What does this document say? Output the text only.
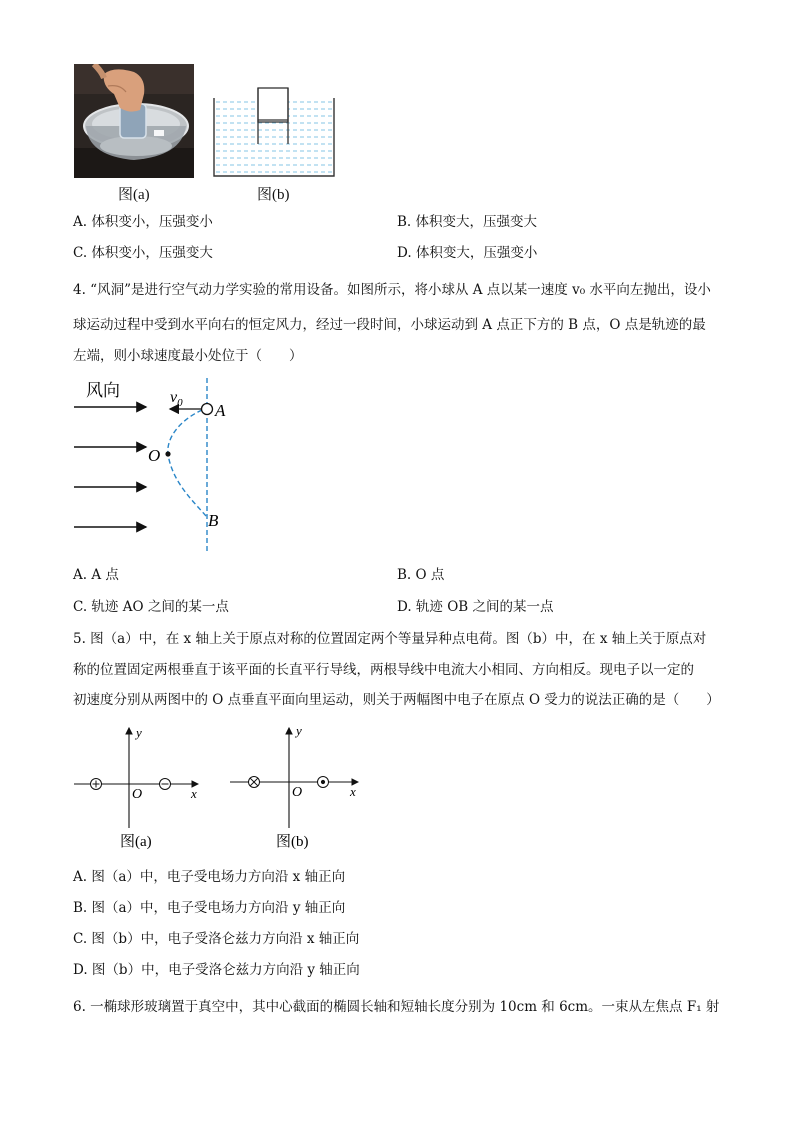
图(a)	图(b)
A. 体积变小，压强变小	B. 体积变大，压强变大
C. 体积变小，压强变大	D. 体积变大，压强变小
4. “风洞”是进行空气动力学实验的常用设备。如图所示，将小球从 A 点以某一速度 v₀ 水平向左抛出，设小
球运动过程中受到水平向右的恒定风力，经过一段时间，小球运动到 A 点正下方的 B 点，O 点是轨迹的最
左端，则小球速度最小处位于（　　）
风向	$v_0$ A
O
B
A. A 点	B. O 点
C. 轨迹 AO 之间的某一点	D. 轨迹 OB 之间的某一点
5. 图（a）中，在 x 轴上关于原点对称的位置固定两个等量异种点电荷。图（b）中，在 x 轴上关于原点对
称的位置固定两根垂直于该平面的长直平行导线，两根导线中电流大小相同、方向相反。现电子以一定的
初速度分别从两图中的 O 点垂直平面向里运动，则关于两幅图中电子在原点 O 受力的说法正确的是（　　）
y
x
O
图(a)
y
x
O
图(b)
A. 图（a）中，电子受电场力方向沿 x 轴正向
B. 图（a）中，电子受电场力方向沿 y 轴正向
C. 图（b）中，电子受洛仑兹力方向沿 x 轴正向
D. 图（b）中，电子受洛仑兹力方向沿 y 轴正向
6. 一椭球形玻璃置于真空中，其中心截面的椭圆长轴和短轴长度分别为 10cm 和 6cm。一束从左焦点 F₁ 射
